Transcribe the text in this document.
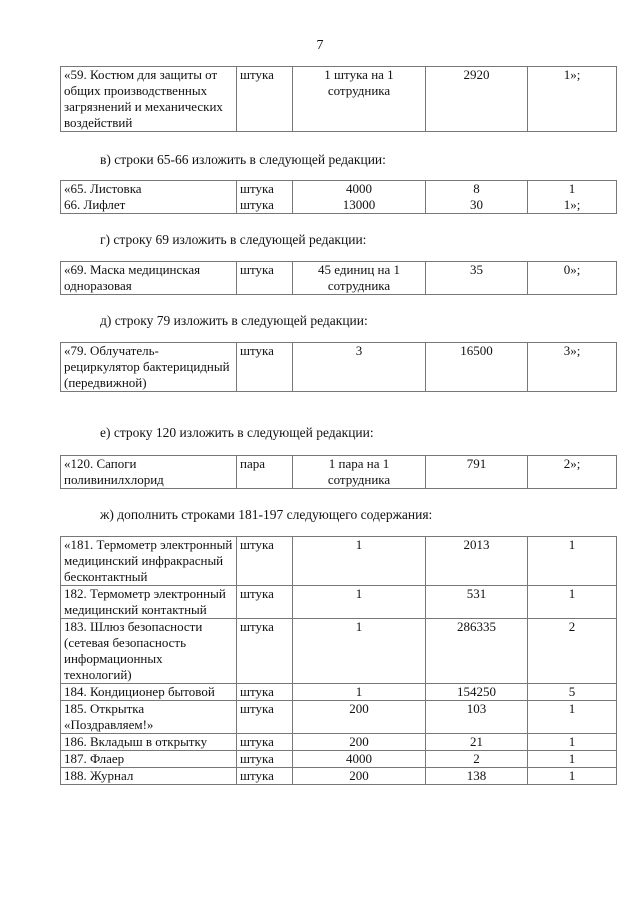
7
«59. Костюм для защиты от общих производственных загрязнений и механических воздействий	штука	1 штука на 1 сотрудника	2920	1»;
в) строки 65-66 изложить в следующей редакции:
«65. Листовка	штука	4000	8	1
66. Лифлет	штука	13000	30	1»;
г) строку 69 изложить в следующей редакции:
«69. Маска медицинская одноразовая	штука	45 единиц на 1 сотрудника	35	0»;
д) строку 79 изложить в следующей редакции:
«79. Облучатель-рециркулятор бактерицидный (передвижной)	штука	3	16500	3»;
е) строку 120 изложить в следующей редакции:
«120. Сапоги поливинилхлорид	пара	1 пара на 1 сотрудника	791	2»;
ж) дополнить строками 181-197 следующего содержания:
«181. Термометр электронный медицинский инфракрасный бесконтактный	штука	1	2013	1
182. Термометр электронный медицинский контактный	штука	1	531	1
183. Шлюз безопасности (сетевая безопасность информационных технологий)	штука	1	286335	2
184. Кондиционер бытовой	штука	1	154250	5
185. Открытка «Поздравляем!»	штука	200	103	1
186. Вкладыш в открытку	штука	200	21	1
187. Флаер	штука	4000	2	1
188. Журнал	штука	200	138	1
